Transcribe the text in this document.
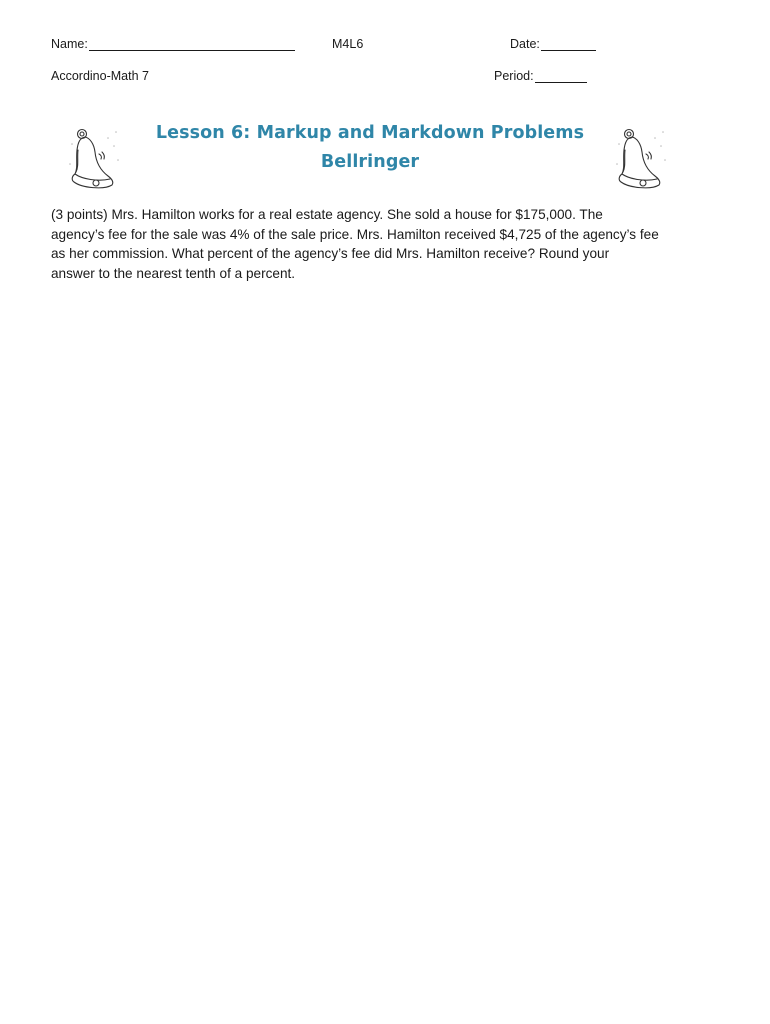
Name:	M4L6	Date:
Accordino-Math 7	Period:
Lesson 6: Markup and Markdown Problems
Bellringer
(3 points) Mrs. Hamilton works for a real estate agency. She sold a house for $175,000. The
agency’s fee for the sale was 4% of the sale price. Mrs. Hamilton received $4,725 of the agency’s fee
as her commission. What percent of the agency’s fee did Mrs. Hamilton receive? Round your
answer to the nearest tenth of a percent.
